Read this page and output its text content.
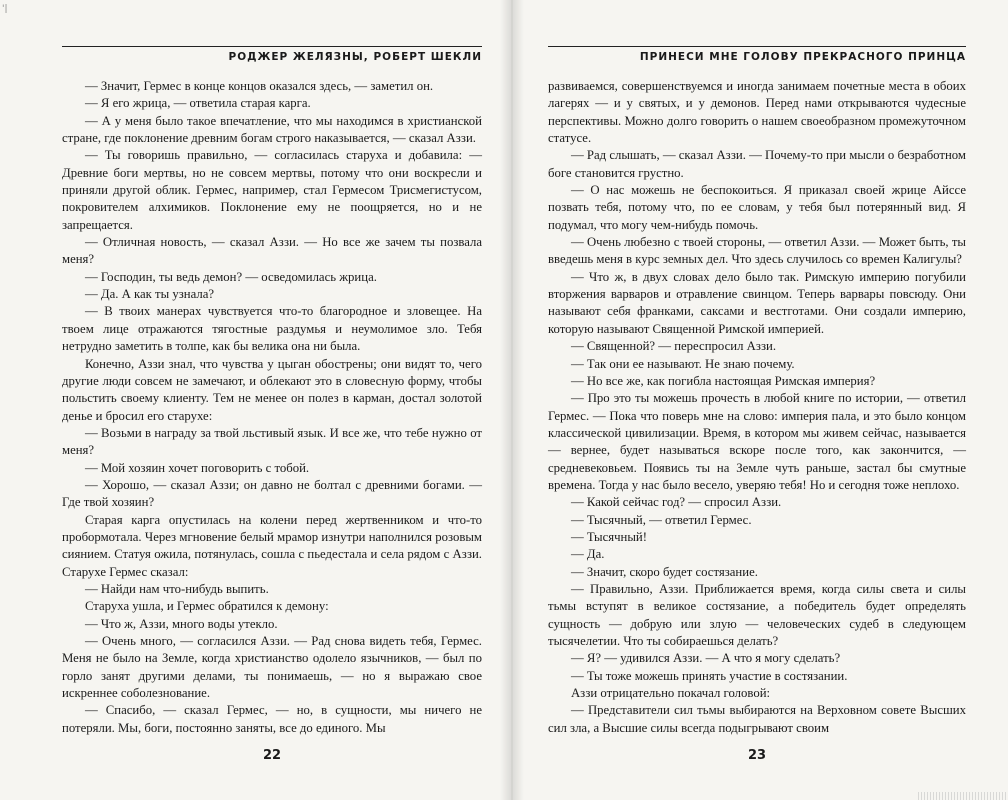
'|
РОДЖЕР ЖЕЛЯЗНЫ, РОБЕРТ ШЕКЛИ

— Значит, Гермес в конце концов оказался здесь, — заметил он.

— Я его жрица, — ответила старая карга.

— А у меня было такое впечатление, что мы находимся в христианской стране, где поклонение древним богам строго наказывается, — сказал Аззи.

— Ты говоришь правильно, — согласилась старуха и добавила: — Древние боги мертвы, но не совсем мертвы, потому что они воскресли и приняли другой облик. Гермес, например, стал Гермесом Трисмегистусом, покровителем алхимиков. Поклонение ему не поощряется, но и не запрещается.

— Отличная новость, — сказал Аззи. — Но все же зачем ты позвала меня?

— Господин, ты ведь демон? — осведомилась жрица.

— Да. А как ты узнала?

— В твоих манерах чувствуется что-то благородное и зловещее. На твоем лице отражаются тягостные раздумья и неумолимое зло. Тебя нетрудно заметить в толпе, как бы велика она ни была.

Конечно, Аззи знал, что чувства у цыган обострены; они видят то, чего другие люди совсем не замечают, и облекают это в словесную форму, чтобы польстить своему клиенту. Тем не менее он полез в карман, достал золотой денье и бросил его старухе:

— Возьми в награду за твой льстивый язык. И все же, что тебе нужно от меня?

— Мой хозяин хочет поговорить с тобой.

— Хорошо, — сказал Аззи; он давно не болтал с древними богами. — Где твой хозяин?

Старая карга опустилась на колени перед жертвенником и что-то пробормотала. Через мгновение белый мрамор изнутри наполнился розовым сиянием. Статуя ожила, потянулась, сошла с пьедестала и села рядом с Аззи. Старухе Гермес сказал:

— Найди нам что-нибудь выпить.

Старуха ушла, и Гермес обратился к демону:

— Что ж, Аззи, много воды утекло.

— Очень много, — согласился Аззи. — Рад снова видеть тебя, Гермес. Меня не было на Земле, когда христианство одолело язычников, — был по горло занят другими делами, ты понимаешь, — но я выражаю свое искреннее соболезнование.

— Спасибо, — сказал Гермес, — но, в сущности, мы ничего не потеряли. Мы, боги, постоянно заняты, все до единого. Мы

22
ПРИНЕСИ МНЕ ГОЛОВУ ПРЕКРАСНОГО ПРИНЦА

развиваемся, совершенствуемся и иногда занимаем почетные места в обоих лагерях — и у святых, и у демонов. Перед нами открываются чудесные перспективы. Можно долго говорить о нашем своеобразном промежуточном статусе.

— Рад слышать, — сказал Аззи. — Почему-то при мысли о безработном боге становится грустно.

— О нас можешь не беспокоиться. Я приказал своей жрице Айссе позвать тебя, потому что, по ее словам, у тебя был потерянный вид. Я подумал, что могу чем-нибудь помочь.

— Очень любезно с твоей стороны, — ответил Аззи. — Может быть, ты введешь меня в курс земных дел. Что здесь случилось со времен Калигулы?

— Что ж, в двух словах дело было так. Римскую империю погубили вторжения варваров и отравление свинцом. Теперь варвары повсюду. Они называют себя франками, саксами и вестготами. Они создали империю, которую называют Священной Римской империей.

— Священной? — переспросил Аззи.

— Так они ее называют. Не знаю почему.

— Но все же, как погибла настоящая Римская империя?

— Про это ты можешь прочесть в любой книге по истории, — ответил Гермес. — Пока что поверь мне на слово: империя пала, и это было концом классической цивилизации. Время, в котором мы живем сейчас, называется — вернее, будет называться вскоре после того, как закончится, — средневековьем. Появись ты на Земле чуть раньше, застал бы смутные времена. Тогда у нас было весело, уверяю тебя! Но и сегодня тоже неплохо.

— Какой сейчас год? — спросил Аззи.

— Тысячный, — ответил Гермес.

— Тысячный!

— Да.

— Значит, скоро будет состязание.

— Правильно, Аззи. Приближается время, когда силы света и силы тьмы вступят в великое состязание, а победитель будет определять сущность — добрую или злую — человеческих судеб в следующем тысячелетии. Что ты собираешься делать?

— Я? — удивился Аззи. — А что я могу сделать?

— Ты тоже можешь принять участие в состязании.

Аззи отрицательно покачал головой:

— Представители сил тьмы выбираются на Верховном совете Высших сил зла, а Высшие силы всегда подыгрывают своим

23
